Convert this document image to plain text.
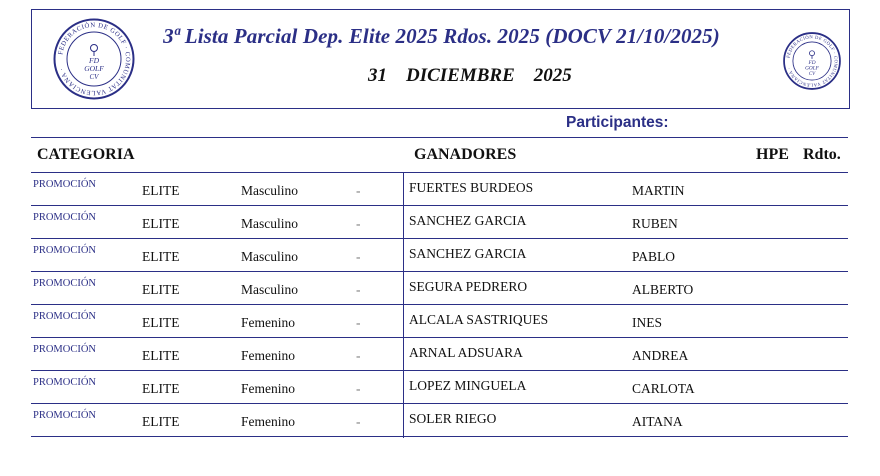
FEDERACIÓN DE GOLF · COMUNITAT VALENCIANA ·
FD
GOLF
CV
3ª Lista Parcial Dep. Elite 2025 Rdos. 2025 (DOCV 21/10/2025)
31    DICIEMBRE    2025
FEDERACIÓN DE GOLF · COMUNITAT VALENCIANA ·
FD
GOLF
CV
Participantes:
CATEGORIA	GANADORES	HPE Rdto.
PROMOCIÓN	ELITE	Masculino	-	FUERTES BURDEOS	MARTIN
PROMOCIÓN	ELITE	Masculino	-	SANCHEZ GARCIA	RUBEN
PROMOCIÓN	ELITE	Masculino	-	SANCHEZ GARCIA	PABLO
PROMOCIÓN	ELITE	Masculino	-	SEGURA PEDRERO	ALBERTO
PROMOCIÓN	ELITE	Femenino	-	ALCALA SASTRIQUES	INES
PROMOCIÓN	ELITE	Femenino	-	ARNAL ADSUARA	ANDREA
PROMOCIÓN	ELITE	Femenino	-	LOPEZ MINGUELA	CARLOTA
PROMOCIÓN	ELITE	Femenino	-	SOLER RIEGO	AITANA
